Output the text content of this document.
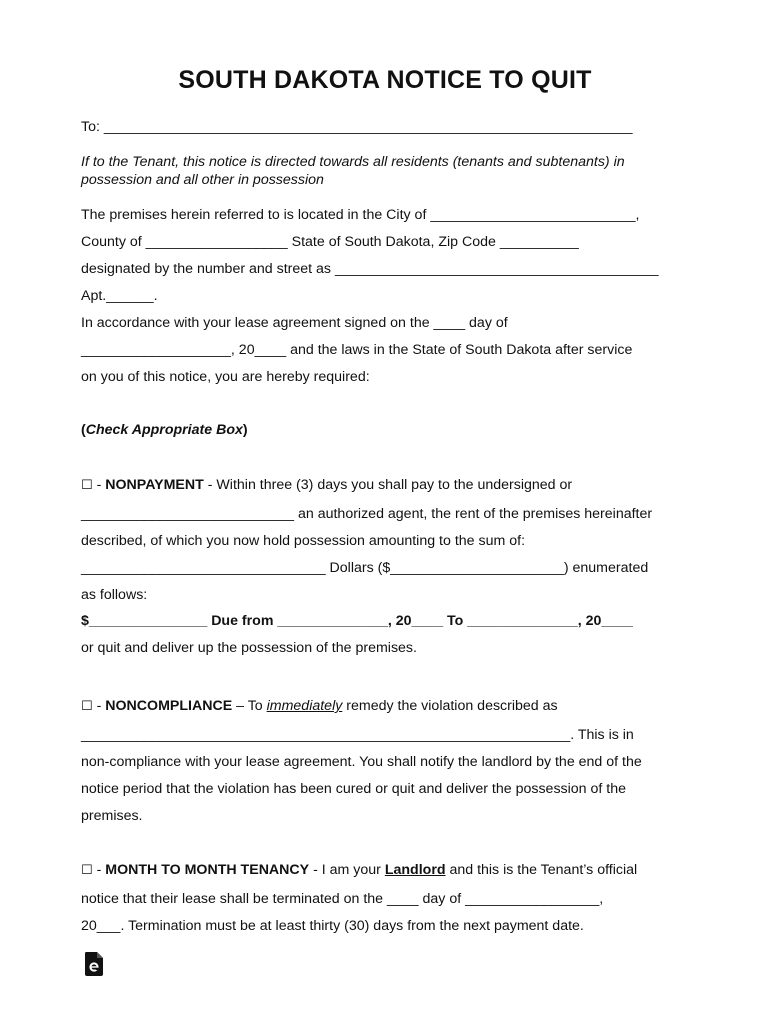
SOUTH DAKOTA NOTICE TO QUIT
To: ___________________________________________________________________
If to the Tenant, this notice is directed towards all residents (tenants and subtenants) in
possession and all other in possession
The premises herein referred to is located in the City of __________________________,
County of __________________ State of South Dakota, Zip Code __________
designated by the number and street as _________________________________________
Apt.______.
In accordance with your lease agreement signed on the ____ day of
___________________, 20____ and the laws in the State of South Dakota after service
on you of this notice, you are hereby required:
(Check Appropriate Box)
☐ - NONPAYMENT - Within three (3) days you shall pay to the undersigned or
___________________________ an authorized agent, the rent of the premises hereinafter
described, of which you now hold possession amounting to the sum of:
_______________________________ Dollars ($______________________) enumerated
as follows:
$_______________ Due from ______________, 20____ To ______________, 20____
or quit and deliver up the possession of the premises.
☐ - NONCOMPLIANCE – To immediately remedy the violation described as
______________________________________________________________. This is in
non-compliance with your lease agreement. You shall notify the landlord by the end of the
notice period that the violation has been cured or quit and deliver the possession of the
premises.
☐ - MONTH TO MONTH TENANCY - I am your Landlord and this is the Tenant’s official
notice that their lease shall be terminated on the ____ day of _________________,
20___. Termination must be at least thirty (30) days from the next payment date.
